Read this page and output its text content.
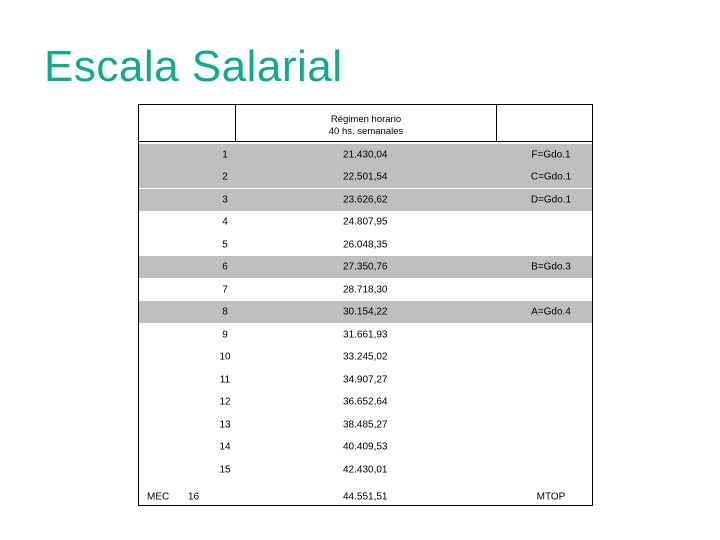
Escala Salarial
Régimen horario
40 hs. semanales
1	21.430,04	F=Gdo.1
2	22.501,54	C=Gdo.1
3	23.626,62	D=Gdo.1
4	24.807,95
5	26.048,35
6	27.350,76	B=Gdo.3
7	28.718,30
8	30.154,22	A=Gdo.4
9	31.661,93
10	33.245,02
11	34.907,27
12	36.652,64
13	38.485,27
14	40.409,53
15	42.430,01
MEC 16	44.551,51	MTOP
